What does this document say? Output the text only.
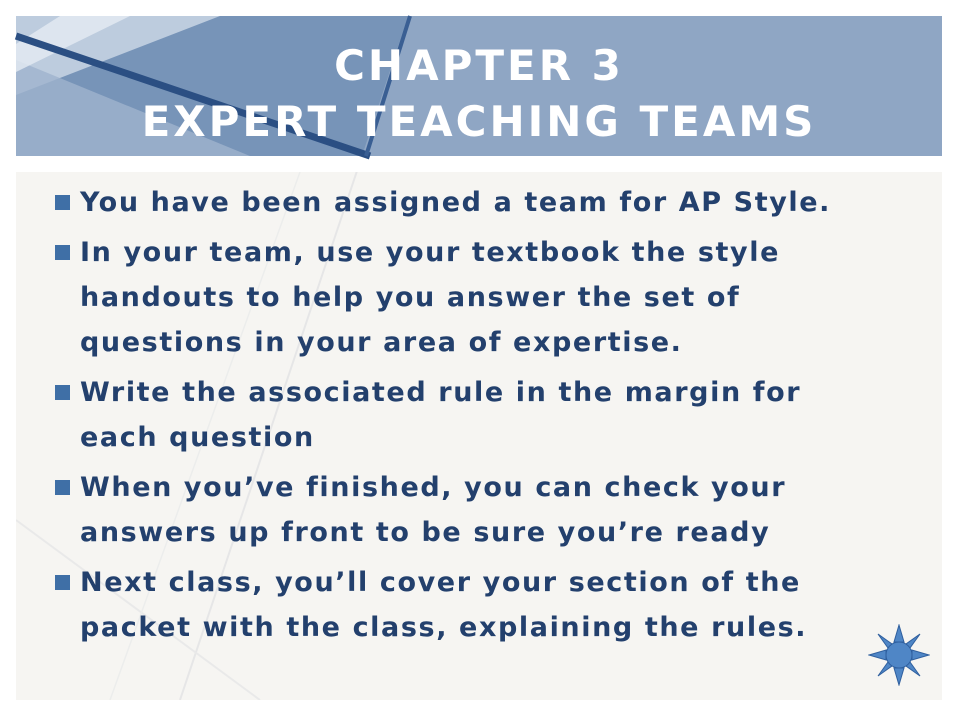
CHAPTER 3
EXPERT TEACHING TEAMS
You have been assigned a team for AP Style.
In your team, use your textbook the style handouts to help you answer the set of questions in your area of expertise.
Write the associated rule in the margin for each question
When you’ve finished, you can check your answers up front to be sure you’re ready
Next class, you’ll cover your section of the packet with the class, explaining the rules.
